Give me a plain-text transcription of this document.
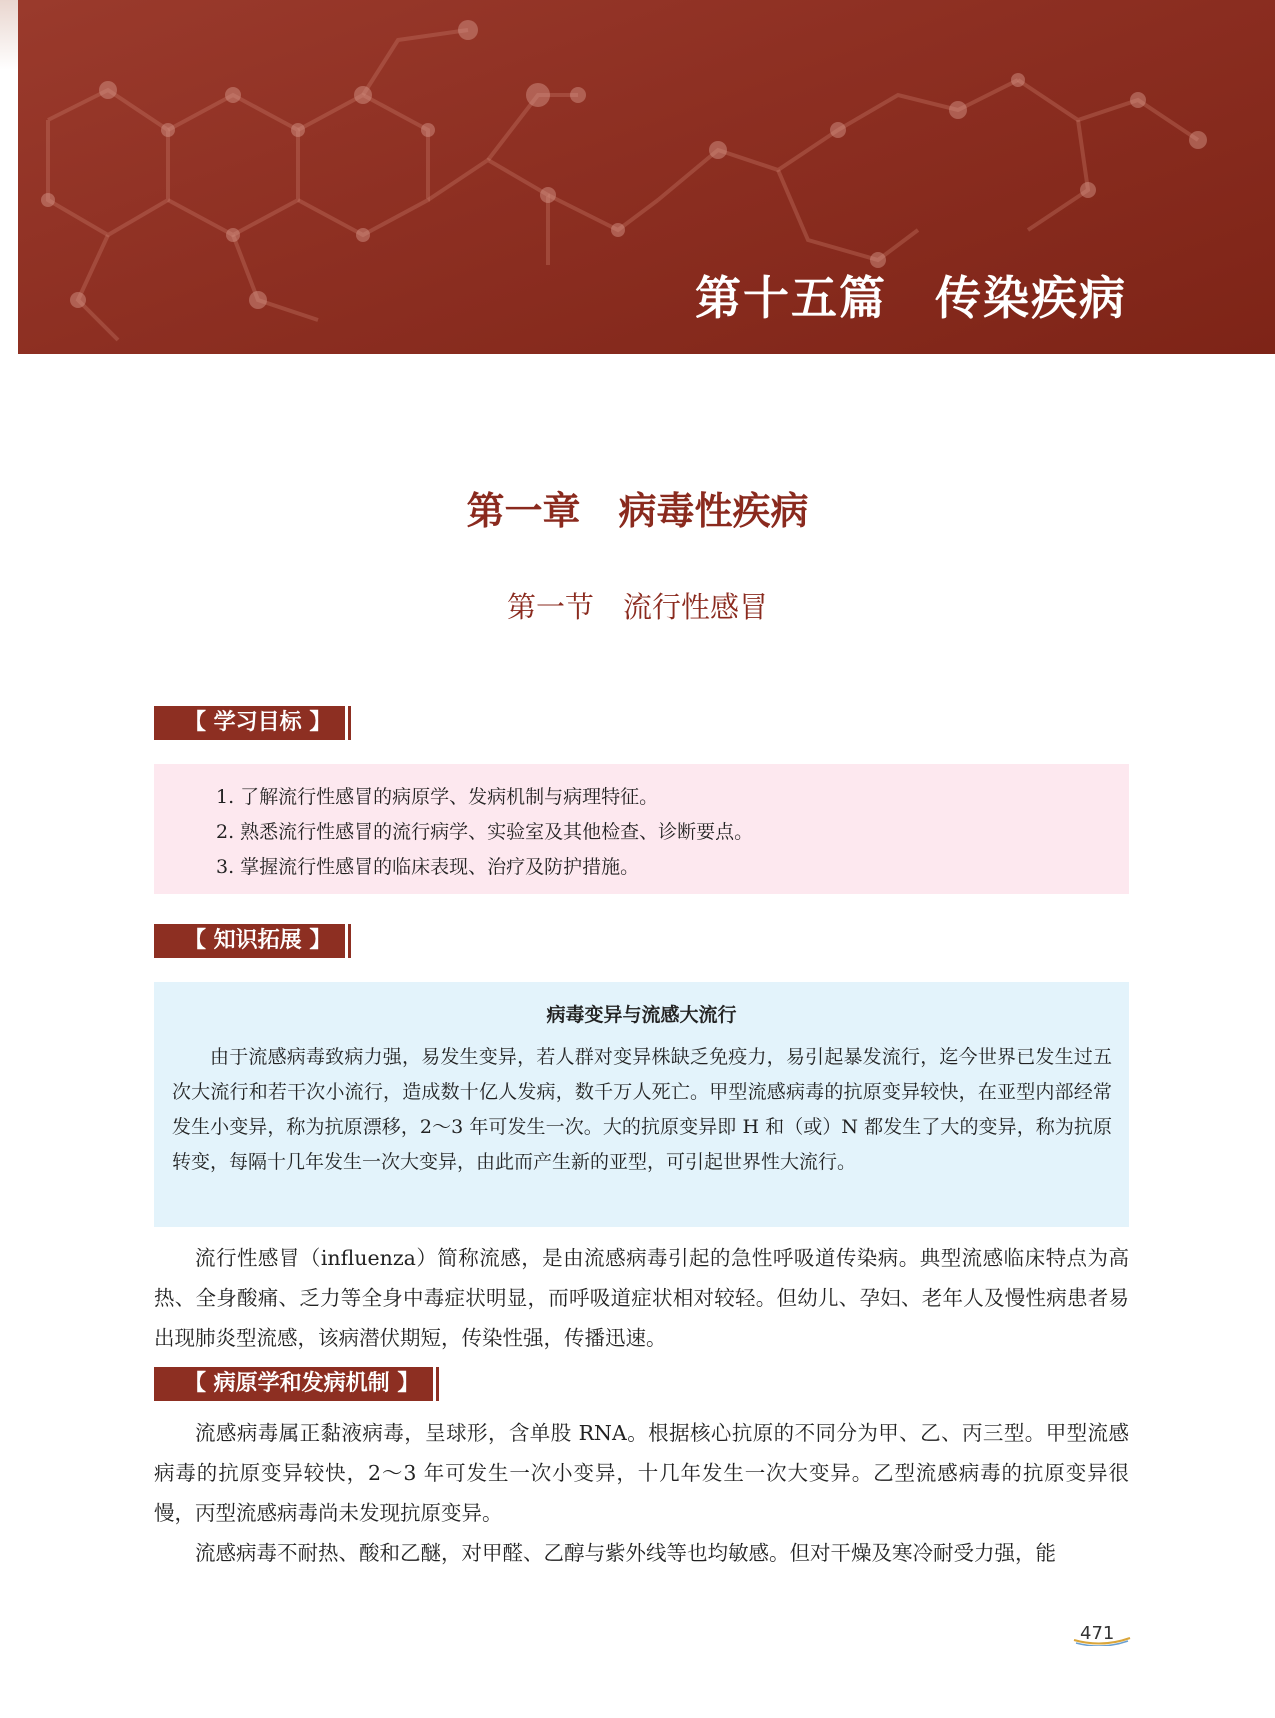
第十五篇　传染疾病
第一章　病毒性疾病
第一节　流行性感冒
【 学习目标 】
1. 了解流行性感冒的病原学、发病机制与病理特征。
2. 熟悉流行性感冒的流行病学、实验室及其他检查、诊断要点。
3. 掌握流行性感冒的临床表现、治疗及防护措施。
【 知识拓展 】
病毒变异与流感大流行
由于流感病毒致病力强，易发生变异，若人群对变异株缺乏免疫力，易引起暴发流行，迄今世界已发生过五次大流行和若干次小流行，造成数十亿人发病，数千万人死亡。甲型流感病毒的抗原变异较快，在亚型内部经常发生小变异，称为抗原漂移，2～3 年可发生一次。大的抗原变异即 H 和（或）N 都发生了大的变异，称为抗原转变，每隔十几年发生一次大变异，由此而产生新的亚型，可引起世界性大流行。
流行性感冒（influenza）简称流感，是由流感病毒引起的急性呼吸道传染病。典型流感临床特点为高热、全身酸痛、乏力等全身中毒症状明显，而呼吸道症状相对较轻。但幼儿、孕妇、老年人及慢性病患者易出现肺炎型流感，该病潜伏期短，传染性强，传播迅速。
【 病原学和发病机制 】
流感病毒属正黏液病毒，呈球形，含单股 RNA。根据核心抗原的不同分为甲、乙、丙三型。甲型流感病毒的抗原变异较快，2～3 年可发生一次小变异，十几年发生一次大变异。乙型流感病毒的抗原变异很慢，丙型流感病毒尚未发现抗原变异。
流感病毒不耐热、酸和乙醚，对甲醛、乙醇与紫外线等也均敏感。但对干燥及寒冷耐受力强，能
471
